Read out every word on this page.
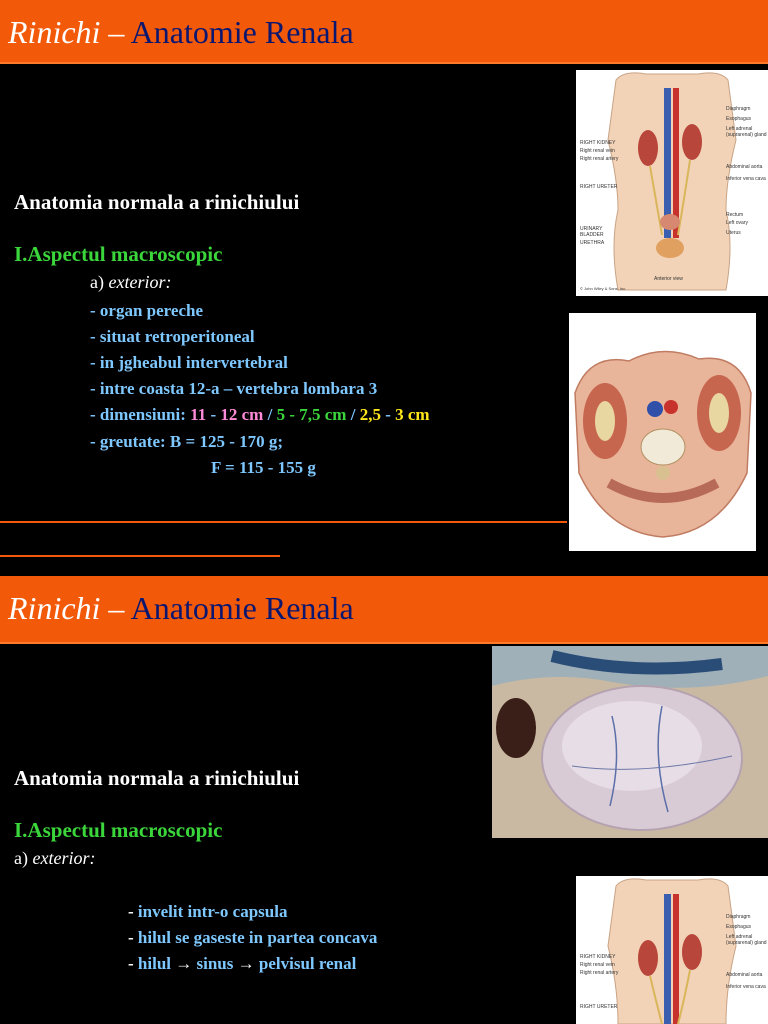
Rinichi – Anatomie Renala
Diaphragm
Esophagus
Left adrenal
(suprarenal) gland
Abdominal aorta
Inferior vena cava
Rectum
Left ovary
Uterus
RIGHT KIDNEY
Right renal vein
Right renal artery
RIGHT URETER
URINARY
BLADDER
URETHRA
Anterior view
© John Wiley & Sons, Inc.
Anatomia normala a rinichiului
I.Aspectul macroscopic
a) exterior:
- organ pereche
- situat retroperitoneal
- in jgheabul intervertebral
- intre coasta 12-a – vertebra lombara 3
- dimensiuni: 11 - 12 cm / 5 - 7,5 cm / 2,5 - 3 cm
- greutate: B = 125 - 170 g;
F = 115 - 155 g
Rinichi – Anatomie Renala
Diaphragm
Esophagus
Left adrenal
(suprarenal) gland
Abdominal aorta
Inferior vena cava
RIGHT KIDNEY
Right renal vein
Right renal artery
RIGHT URETER
Anatomia normala a rinichiului
I.Aspectul macroscopic
a) exterior:
- invelit intr-o capsula
- hilul se gaseste in partea concava
- hilul → sinus → pelvisul renal
